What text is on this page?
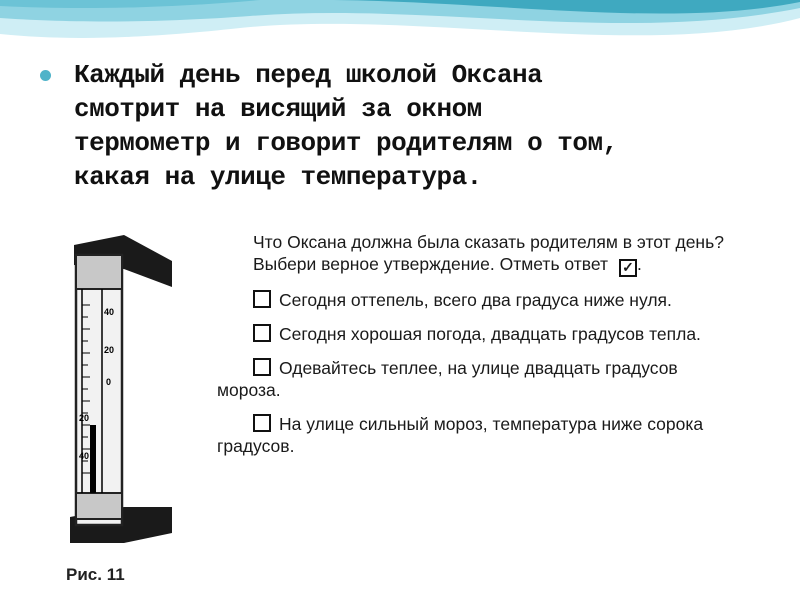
Каждый день перед школой Оксана
смотрит на висящий за окном
термометр и говорит родителям о том,
какая на улице температура.
40
20
0
20
40
Рис. 11
Что Оксана должна была сказать родителям в этот день? Выбери верное утверждение. Отметь ответ ✓ .
Сегодня оттепель, всего два градуса ниже нуля.
Сегодня хорошая погода, двадцать градусов тепла.
Одевайтесь теплее, на улице двадцать градусов мороза.
На улице сильный мороз, температура ниже сорока градусов.
